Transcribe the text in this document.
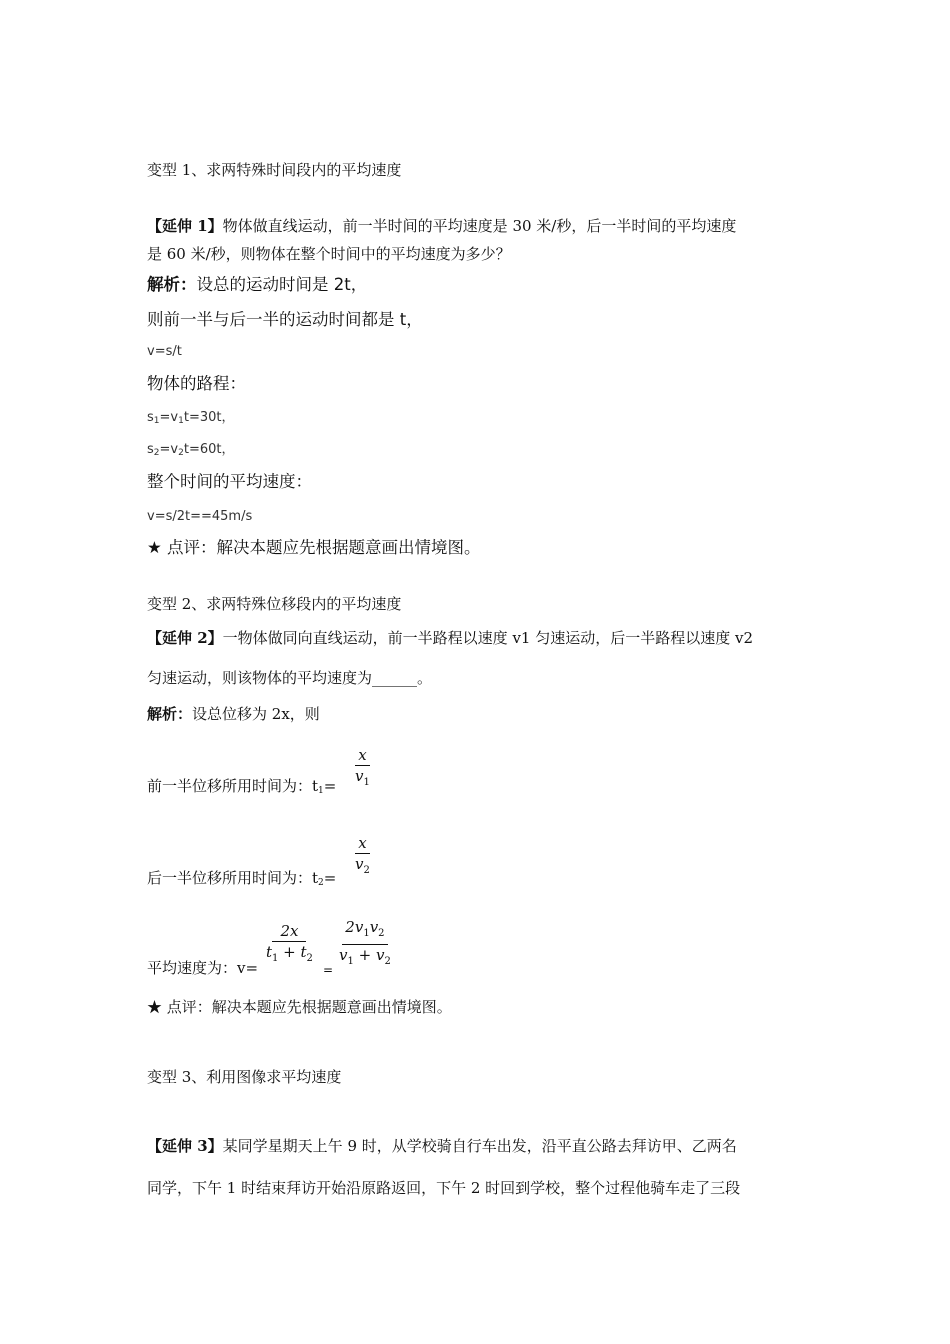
变型 1、求两特殊时间段内的平均速度
【延伸 1】物体做直线运动，前一半时间的平均速度是 30 米/秒，后一半时间的平均速度
是 60 米/秒，则物体在整个时间中的平均速度为多少？
解析：设总的运动时间是 2t，
则前一半与后一半的运动时间都是 t，
v=s/t
物体的路程：
$s_1=v_1t=30t$，
$s_2=v_2t=60t$，
整个时间的平均速度：
v=s/2t==45m/s
★ 点评：解决本题应先根据题意画出情境图。
变型 2、求两特殊位移段内的平均速度
【延伸 2】一物体做同向直线运动，前一半路程以速度 v1 匀速运动，后一半路程以速度 v2
匀速运动，则该物体的平均速度为______。
解析：设总位移为 2x，则
前一半位移所用时间为：$t_1= \frac{x}{v_1}$
后一半位移所用时间为：$t_2= \frac{x}{v_2}$
平均速度为：$v= \frac{2x}{t_1 + t_2}$
= $\frac{2v_1v_2}{v_1 + v_2}$
★ 点评：解决本题应先根据题意画出情境图。
变型 3、利用图像求平均速度
【延伸 3】某同学星期天上午 9 时，从学校骑自行车出发，沿平直公路去拜访甲、乙两名
同学，下午 1 时结束拜访开始沿原路返回，下午 2 时回到学校，整个过程他骑车走了三段
